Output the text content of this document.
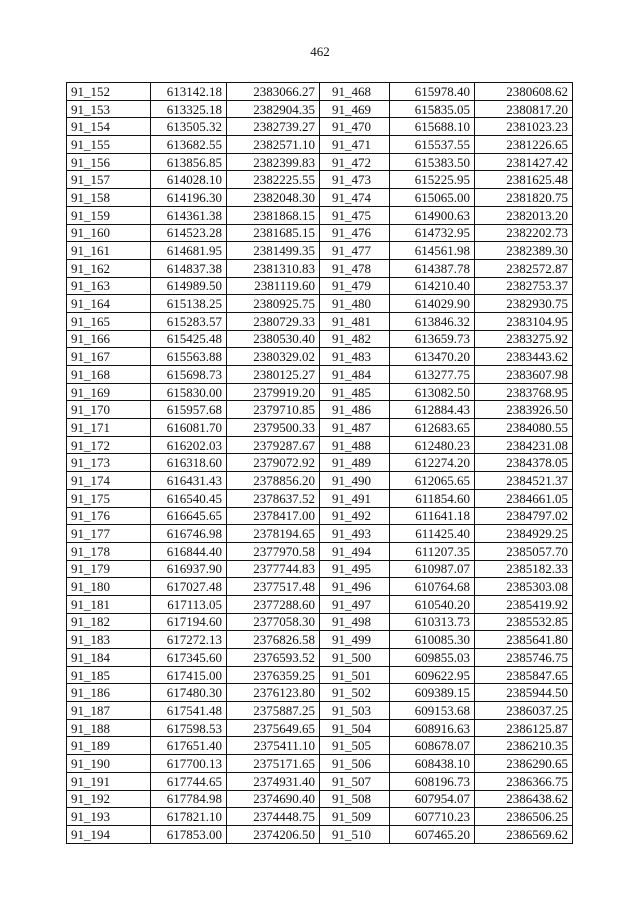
462
91_152	613142.18	2383066.27	91_468	615978.40	2380608.62
91_153	613325.18	2382904.35	91_469	615835.05	2380817.20
91_154	613505.32	2382739.27	91_470	615688.10	2381023.23
91_155	613682.55	2382571.10	91_471	615537.55	2381226.65
91_156	613856.85	2382399.83	91_472	615383.50	2381427.42
91_157	614028.10	2382225.55	91_473	615225.95	2381625.48
91_158	614196.30	2382048.30	91_474	615065.00	2381820.75
91_159	614361.38	2381868.15	91_475	614900.63	2382013.20
91_160	614523.28	2381685.15	91_476	614732.95	2382202.73
91_161	614681.95	2381499.35	91_477	614561.98	2382389.30
91_162	614837.38	2381310.83	91_478	614387.78	2382572.87
91_163	614989.50	2381119.60	91_479	614210.40	2382753.37
91_164	615138.25	2380925.75	91_480	614029.90	2382930.75
91_165	615283.57	2380729.33	91_481	613846.32	2383104.95
91_166	615425.48	2380530.40	91_482	613659.73	2383275.92
91_167	615563.88	2380329.02	91_483	613470.20	2383443.62
91_168	615698.73	2380125.27	91_484	613277.75	2383607.98
91_169	615830.00	2379919.20	91_485	613082.50	2383768.95
91_170	615957.68	2379710.85	91_486	612884.43	2383926.50
91_171	616081.70	2379500.33	91_487	612683.65	2384080.55
91_172	616202.03	2379287.67	91_488	612480.23	2384231.08
91_173	616318.60	2379072.92	91_489	612274.20	2384378.05
91_174	616431.43	2378856.20	91_490	612065.65	2384521.37
91_175	616540.45	2378637.52	91_491	611854.60	2384661.05
91_176	616645.65	2378417.00	91_492	611641.18	2384797.02
91_177	616746.98	2378194.65	91_493	611425.40	2384929.25
91_178	616844.40	2377970.58	91_494	611207.35	2385057.70
91_179	616937.90	2377744.83	91_495	610987.07	2385182.33
91_180	617027.48	2377517.48	91_496	610764.68	2385303.08
91_181	617113.05	2377288.60	91_497	610540.20	2385419.92
91_182	617194.60	2377058.30	91_498	610313.73	2385532.85
91_183	617272.13	2376826.58	91_499	610085.30	2385641.80
91_184	617345.60	2376593.52	91_500	609855.03	2385746.75
91_185	617415.00	2376359.25	91_501	609622.95	2385847.65
91_186	617480.30	2376123.80	91_502	609389.15	2385944.50
91_187	617541.48	2375887.25	91_503	609153.68	2386037.25
91_188	617598.53	2375649.65	91_504	608916.63	2386125.87
91_189	617651.40	2375411.10	91_505	608678.07	2386210.35
91_190	617700.13	2375171.65	91_506	608438.10	2386290.65
91_191	617744.65	2374931.40	91_507	608196.73	2386366.75
91_192	617784.98	2374690.40	91_508	607954.07	2386438.62
91_193	617821.10	2374448.75	91_509	607710.23	2386506.25
91_194	617853.00	2374206.50	91_510	607465.20	2386569.62
